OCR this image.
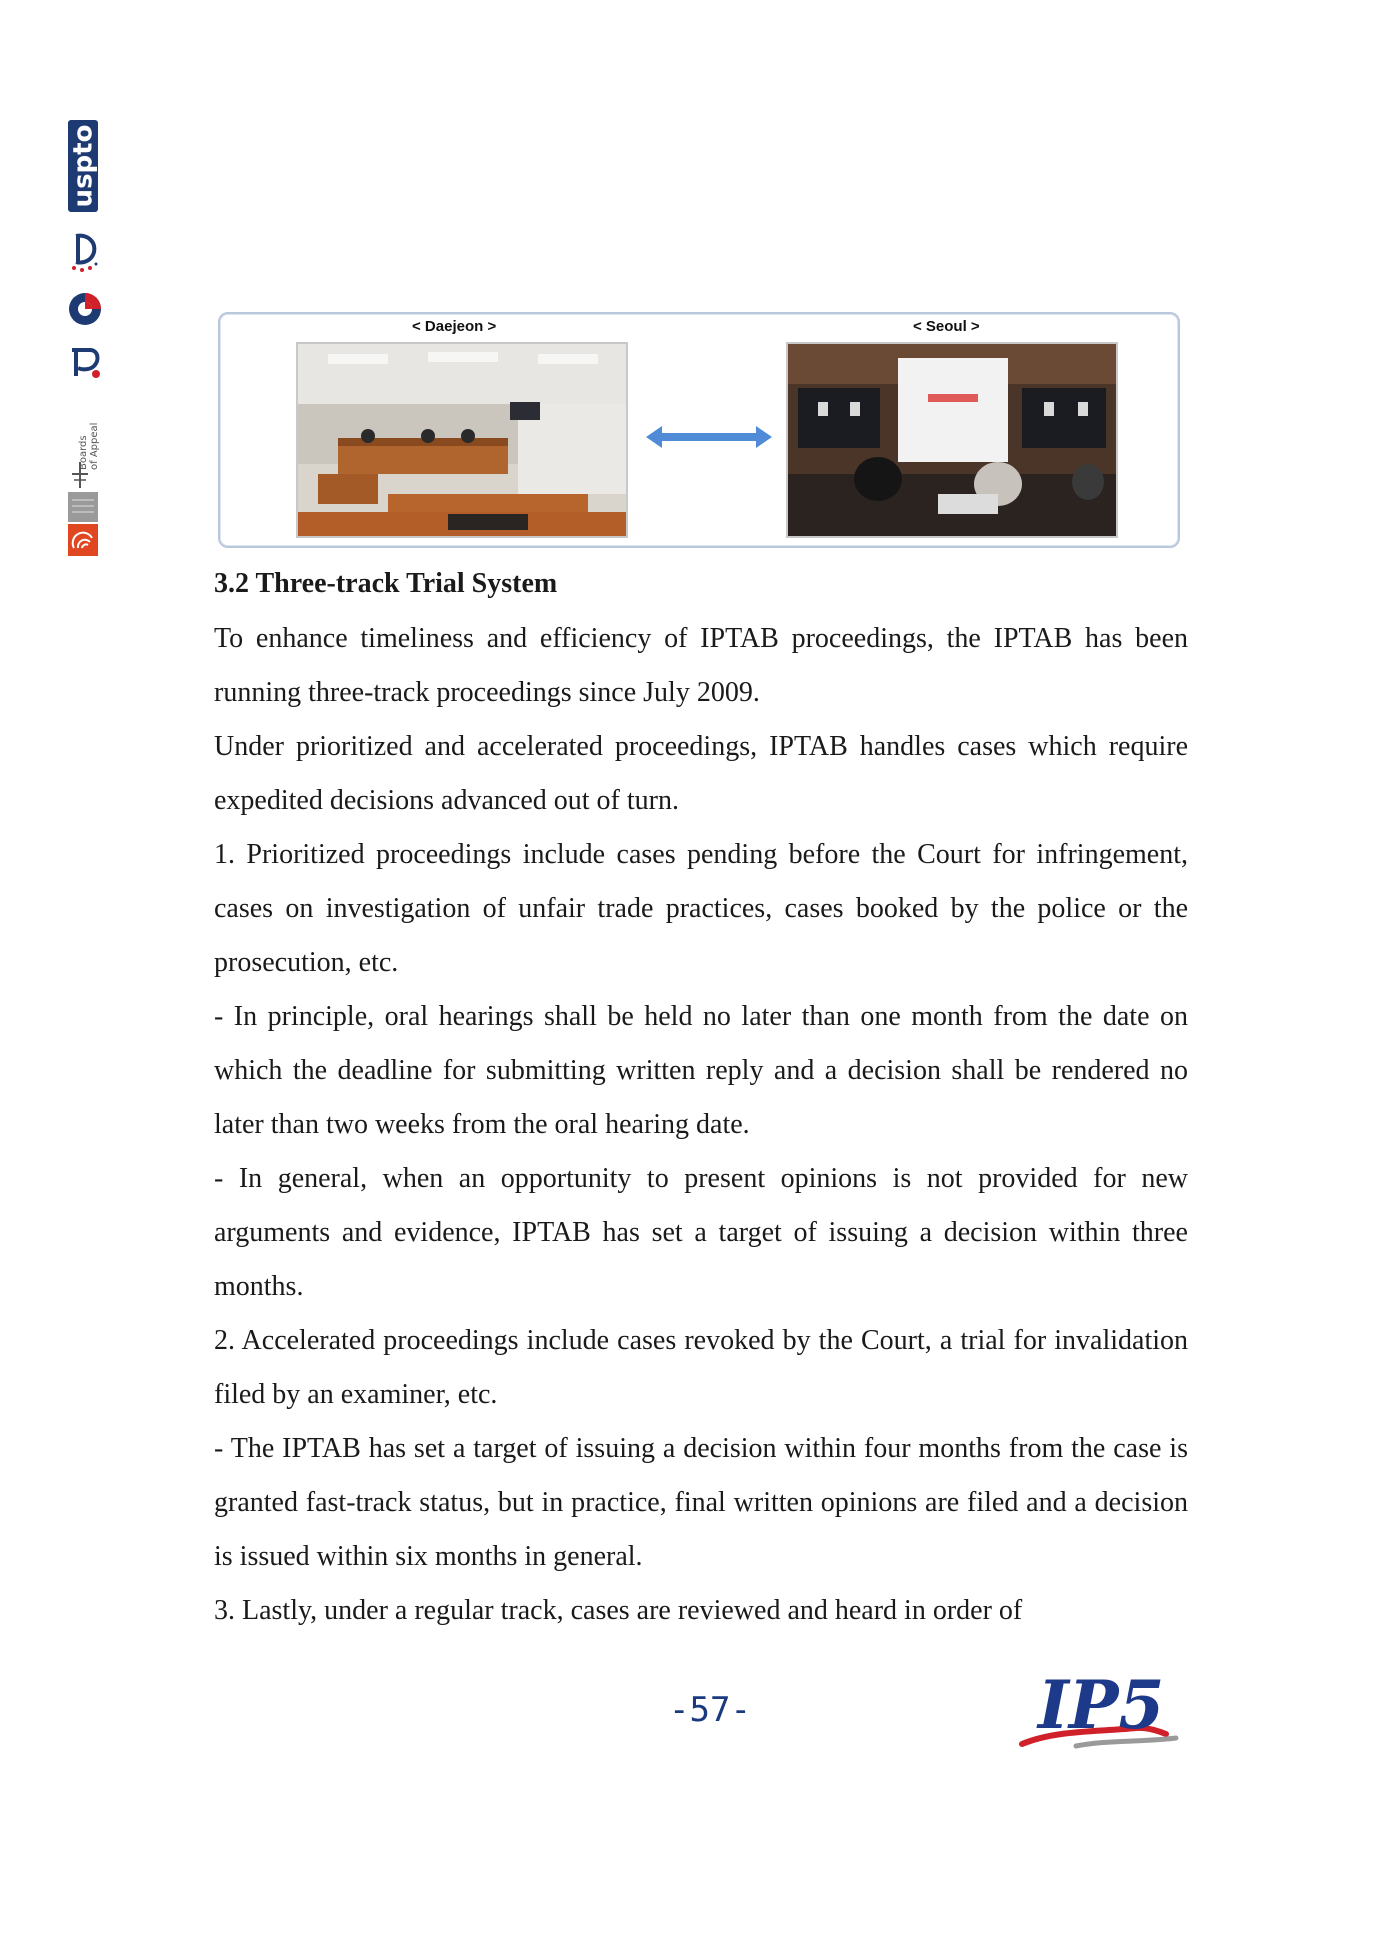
uspto
Boards of Appeal
< Daejeon >	< Seoul >
3.2 Three-track Trial System

To enhance timeliness and efficiency of IPTAB proceedings, the IPTAB has been running three-track proceedings since July 2009.

Under prioritized and accelerated proceedings, IPTAB handles cases which require expedited decisions advanced out of turn.

1. Prioritized proceedings include cases pending before the Court for infringement, cases on investigation of unfair trade practices, cases booked by the police or the prosecution, etc.

- In principle, oral hearings shall be held no later than one month from the date on which the deadline for submitting written reply and a decision shall be rendered no later than two weeks from the oral hearing date.

- In general, when an opportunity to present opinions is not provided for new arguments and evidence, IPTAB has set a target of issuing a decision within three months.

2. Accelerated proceedings include cases revoked by the Court, a trial for invalidation filed by an examiner, etc.

- The IPTAB has set a target of issuing a decision within four months from the case is granted fast-track status, but in practice, final written opinions are filed and a decision is issued within six months in general.

3. Lastly, under a regular track, cases are reviewed and heard in order of

-57-	IP5
